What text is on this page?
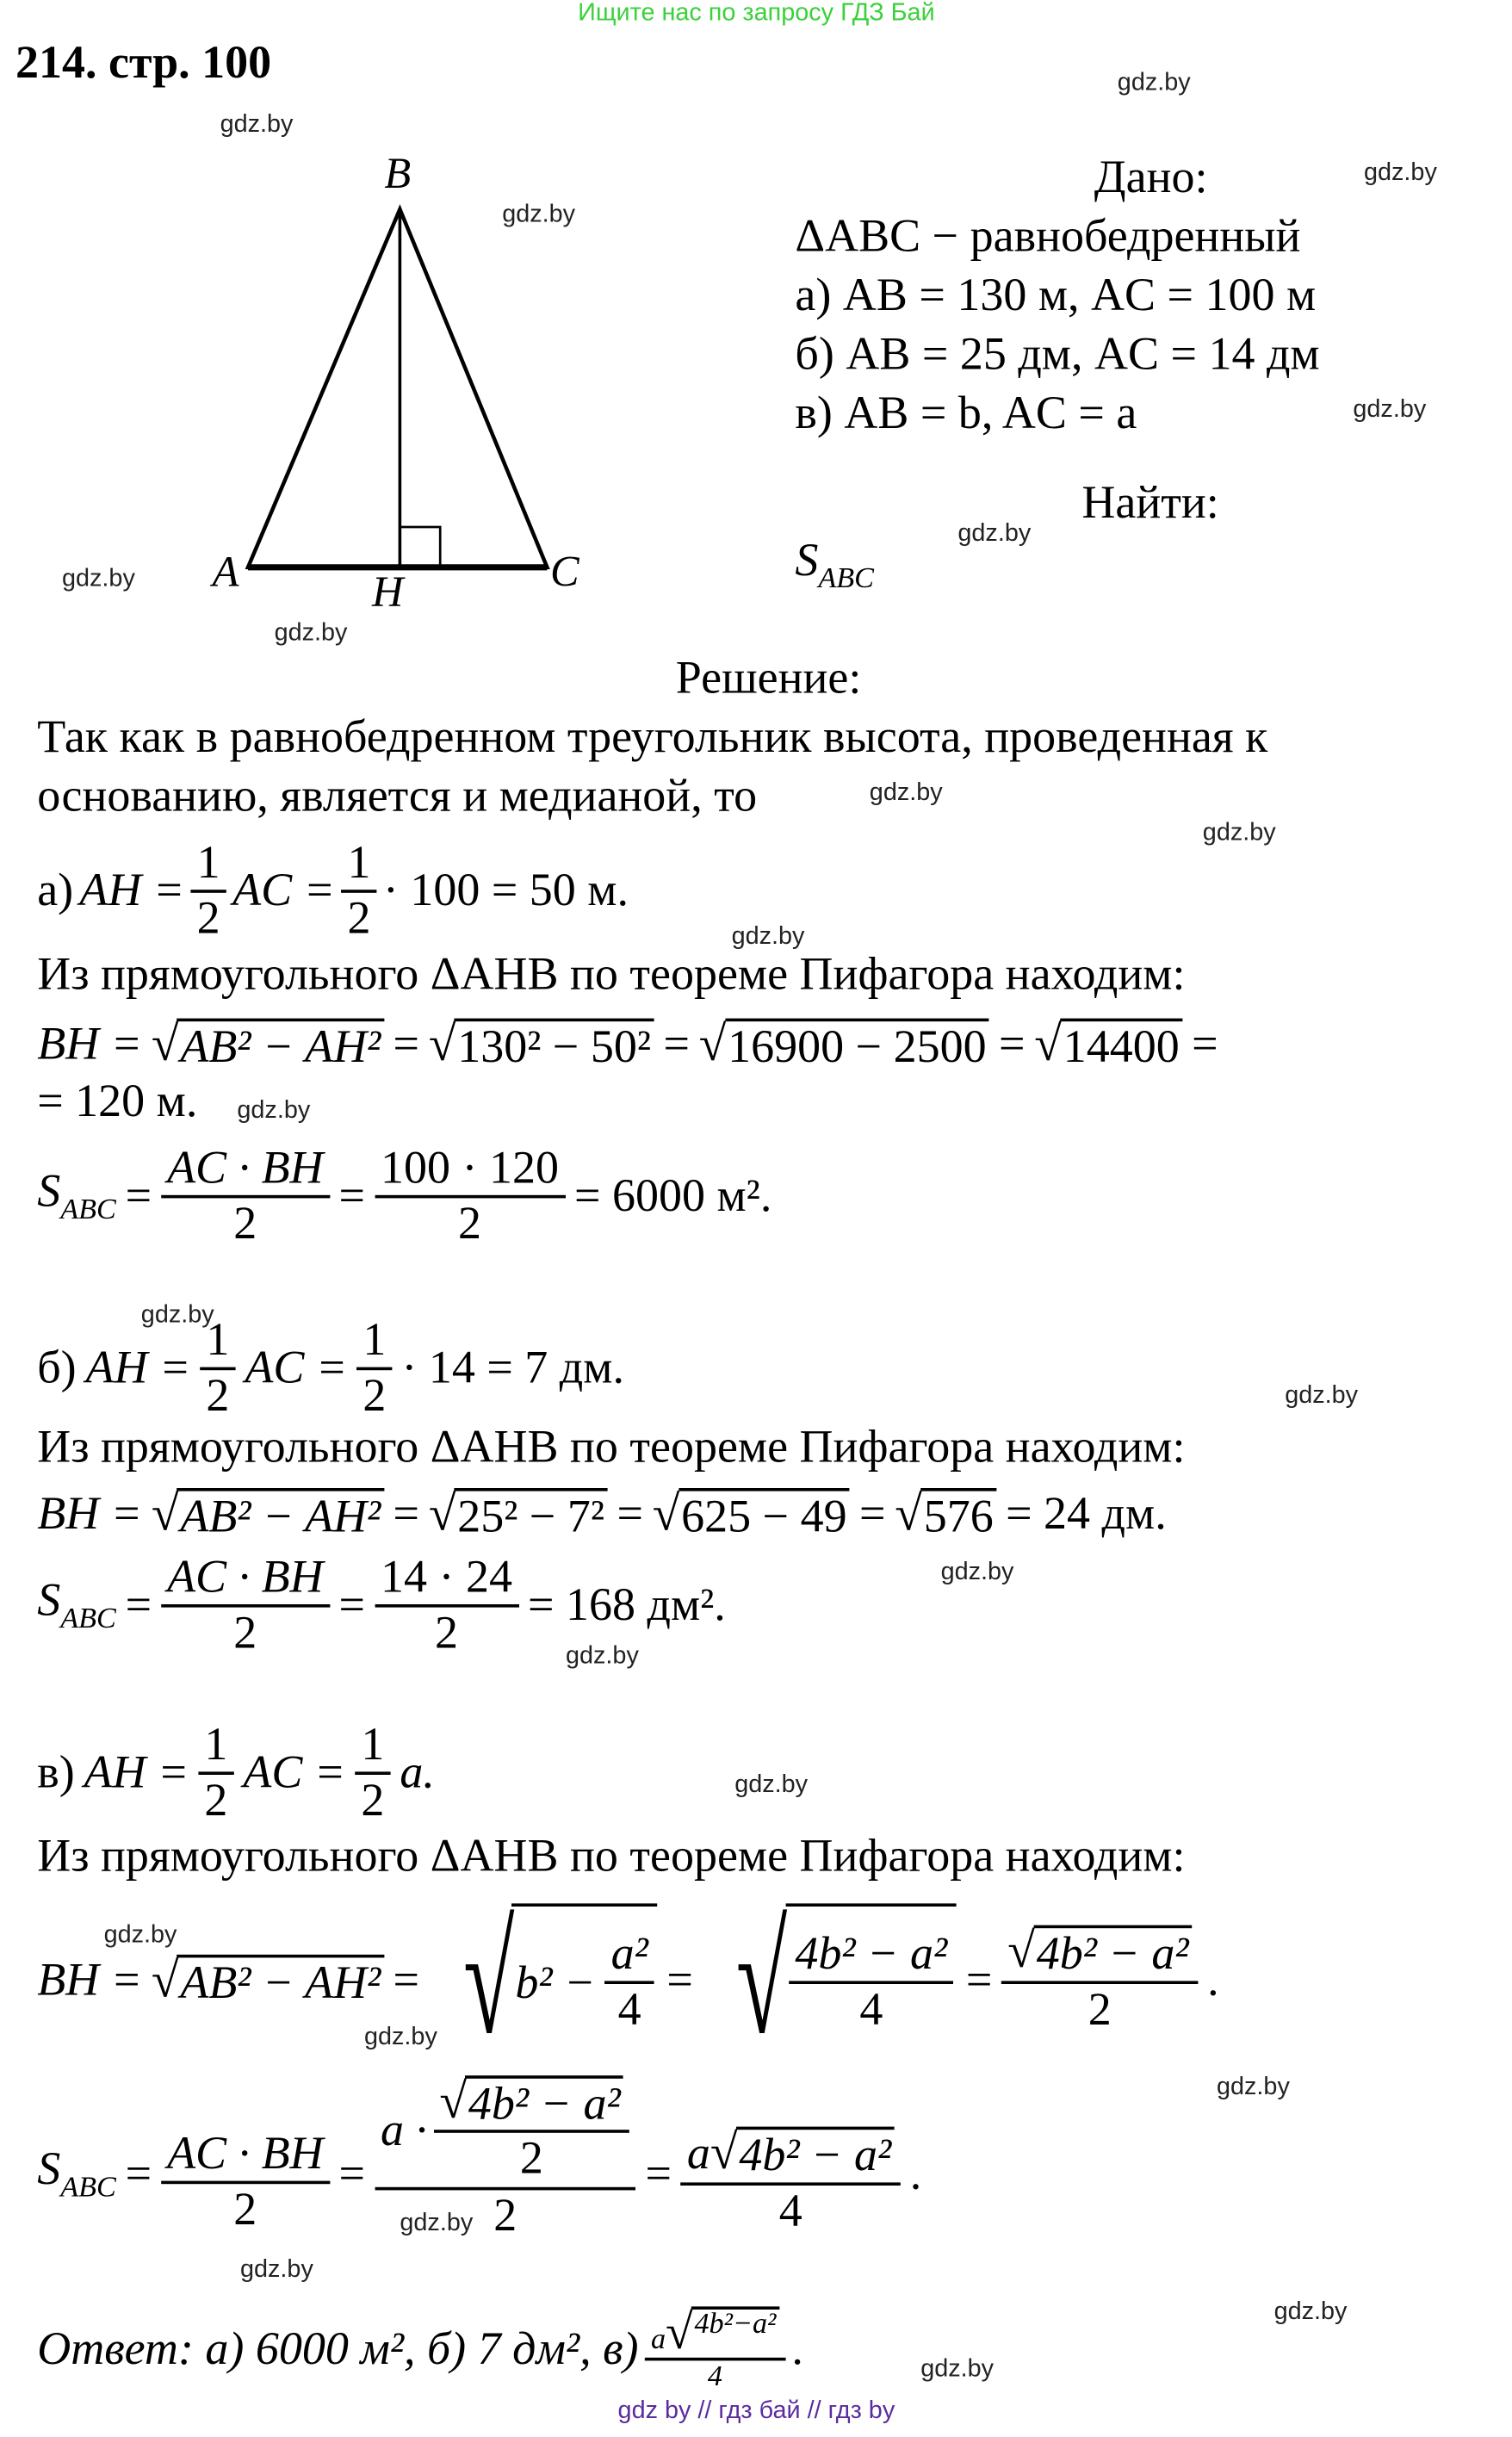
Ищите нас по запросу ГДЗ Бай
214. стр. 100	gdz.by
gdz.by
gdz.by
gdz.by
gdz.by
gdz.by
gdz.by
gdz.by
gdz.by
gdz.by
gdz.by
gdz.by
gdz.by
gdz.by
gdz.by
gdz.by
gdz.by
gdz.by
gdz.by
gdz.by
gdz.by
gdz.by
gdz.by
gdz.by
B
A	C
H
Дано:
ΔABC − равнобедренный
а) AB = 130 м, AC = 100 м
б) AB = 25 дм, AC = 14 дм
в) AB = b, AC = a
Найти:
$S_{ABC}$
Решение:
Так как в равнобедренном треугольник высота, проведенная к
основанию, является и медианой, то
а) AH = $\frac{1}{2}$ AC = $\frac{1}{2} \cdot 100 = 50$ м.
Из прямоугольного ΔAHB по теореме Пифагора находим:
BH = √ AB² − AH² = √ 130² − 50² = √ 16900 − 2500 = √ 14400 =
= 120 м.
$S_{ABC} = \frac{AC \cdot BH}{2} = \frac{100 \cdot 120}{2} = 6000$ м².
б) AH = $\frac{1}{2}$ AC = $\frac{1}{2} \cdot 14 = 7$ дм.
Из прямоугольного ΔAHB по теореме Пифагора находим:
BH = √ AB² − AH² = √ 25² − 7² = √ 625 − 49 = √ 576 = 24 дм.
$S_{ABC} = \frac{AC \cdot BH}{2} = \frac{14 \cdot 24}{2} = 168$ дм².
в) AH = $\frac{1}{2}$ AC = $\frac{1}{2} a$.
Из прямоугольного ΔAHB по теореме Пифагора находим:
BH = √ AB² − AH² =	√ $b^2 - \frac{\text{a²}}{4}$ =	√ $\frac{\text{4b² − a²}}{4}$ = √ $\frac{\text{4b² − a²}}{2}$ .
$S_{ABC} = \frac{AC \cdot BH}{2} = \frac{a \cdot √ \frac{\text{4b² − a²}}{2}}{2} = \frac{\text{a √ 4b² − a²}}{4}$ .
Ответ: а) 6000 м², б) 7 дм², $в) \frac{\text{a √ 4b²−a²}}{4}$ .
gdz by // гдз бай // гдз by
